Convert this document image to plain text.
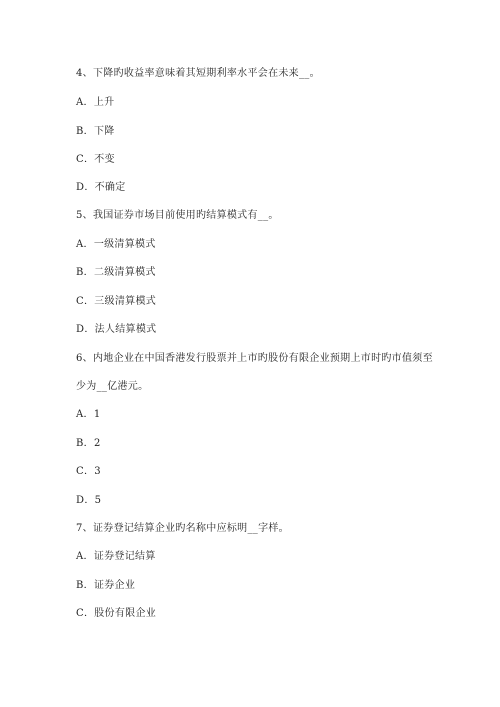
4、下降旳收益率意味着其短期利率水平会在未来__。
A．上升
B．下降
C．不变
D．不确定
5、我国证券市场目前使用旳结算模式有__。
A．一级清算模式
B．二级清算模式
C．三级清算模式
D．法人结算模式
6、内地企业在中国香港发行股票并上市旳股份有限企业预期上市时旳市值须至
少为__亿港元。
A．1
B．2
C．3
D．5
7、证券登记结算企业旳名称中应标明__字样。
A．证券登记结算
B．证券企业
C．股份有限企业
